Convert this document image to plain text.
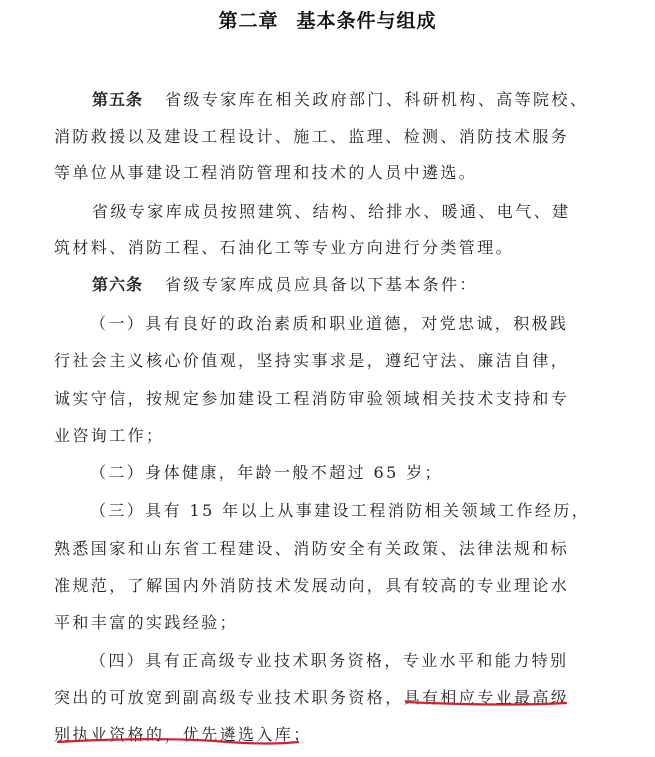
第二章 基本条件与组成
第五条 省级专家库在相关政府部门、科研机构、高等院校、
消防救援以及建设工程设计、施工、监理、检测、消防技术服务
等单位从事建设工程消防管理和技术的人员中遴选。
省级专家库成员按照建筑、结构、给排水、暖通、电气、建
筑材料、消防工程、石油化工等专业方向进行分类管理。
第六条 省级专家库成员应具备以下基本条件：
（一）具有良好的政治素质和职业道德，对党忠诚，积极践
行社会主义核心价值观，坚持实事求是，遵纪守法、廉洁自律，
诚实守信，按规定参加建设工程消防审验领域相关技术支持和专
业咨询工作；
（二）身体健康，年龄一般不超过 65 岁；
（三）具有 15 年以上从事建设工程消防相关领域工作经历，
熟悉国家和山东省工程建设、消防安全有关政策、法律法规和标
准规范，了解国内外消防技术发展动向，具有较高的专业理论水
平和丰富的实践经验；
（四）具有正高级专业技术职务资格，专业水平和能力特别
突出的可放宽到副高级专业技术职务资格，具有相应专业最高级
别执业资格的，优先遴选入库；
